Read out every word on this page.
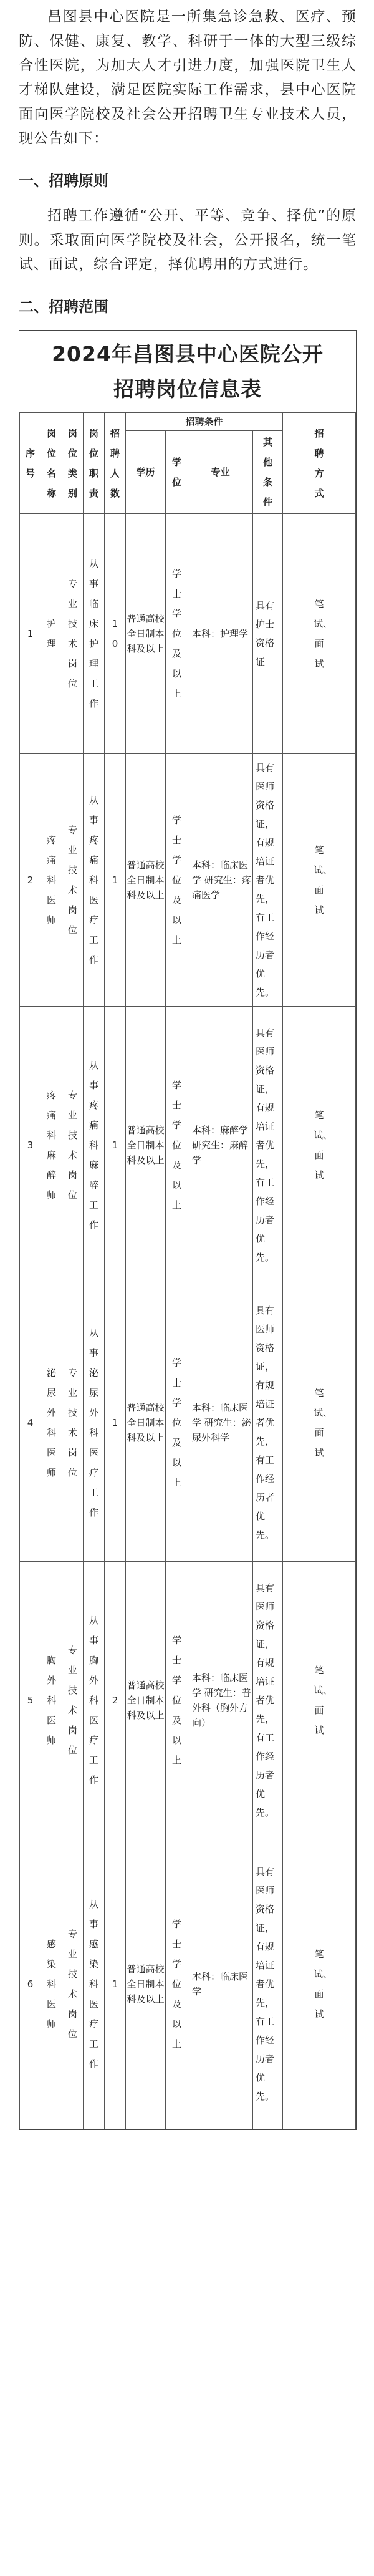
昌图县中心医院是一所集急诊急救、医疗、预防、保健、康复、教学、科研于一体的大型三级综合性医院，为加大人才引进力度，加强医院卫生人才梯队建设，满足医院实际工作需求，县中心医院面向医学院校及社会公开招聘卫生专业技术人员，现公告如下：

一、招聘原则

招聘工作遵循“公开、平等、竞争、择优”的原则。采取面向医学院校及社会，公开报名，统一笔试、面试，综合评定，择优聘用的方式进行。

二、招聘范围
2024年昌图县中心医院公开
招聘岗位信息表
序号	岗位名称	岗位类别	岗位职责	招聘人数	招聘条件				招聘方式

					学历	学位	专业	其他条件	

1	护理	专业技术岗位	从事临床护理工作	10	普通高校全日制本科及以上	学士学位及以上	本科：护理学	具有护士资格证	笔试、面试

2	疼痛科医师	专业技术岗位	从事疼痛科医疗工作	1	普通高校全日制本科及以上	学士学位及以上	本科：临床医学 研究生：疼痛医学	具有医师资格证，有规培证者优先，有工作经历者优先。	笔试、面试

3	疼痛科麻醉师	专业技术岗位	从事疼痛科麻醉工作	1	普通高校全日制本科及以上	学士学位及以上	本科：麻醉学 研究生：麻醉学	具有医师资格证，有规培证者优先，有工作经历者优先。	笔试、面试

4	泌尿外科医师	专业技术岗位	从事泌尿外科医疗工作	1	普通高校全日制本科及以上	学士学位及以上	本科：临床医学 研究生：泌尿外科学	具有医师资格证，有规培证者优先，有工作经历者优先。	笔试、面试

5	胸外科医师	专业技术岗位	从事胸外科医疗工作	2	普通高校全日制本科及以上	学士学位及以上	本科：临床医学 研究生：普外科（胸外方向）	具有医师资格证，有规培证者优先，有工作经历者优先。	笔试、面试

6	感染科医师	专业技术岗位	从事感染科医疗工作	1	普通高校全日制本科及以上	学士学位及以上	本科：临床医学	具有医师资格证，有规培证者优先，有工作经历者优先。	笔试、面试
